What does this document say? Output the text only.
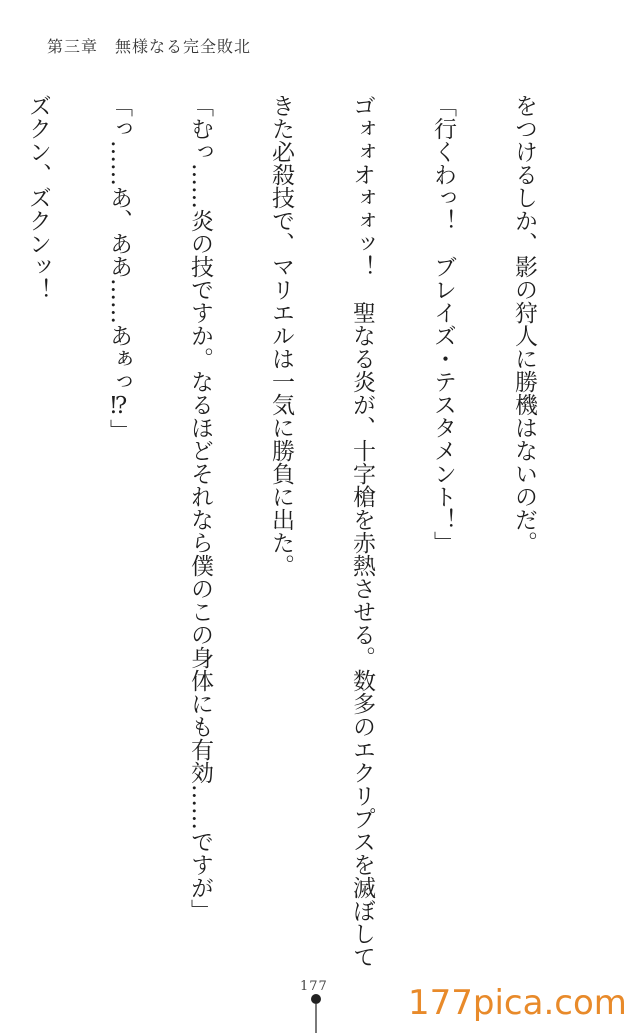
第三章　無様なる完全敗北

をつけるしか、影の狩人に勝機はないのだ。

「行くわっ！　ブレイズ・テスタメント！」

ゴォォオォォッ！　聖なる炎が、十字槍を赤熱させる。数多のエクリプスを滅ぼして

きた必殺技で、マリエルは一気に勝負に出た。

「むっ……炎の技ですか。なるほどそれなら僕のこの身体にも有効……ですが」

「っ……あ、ああ……あぁっ⁉」

ズクン、ズクンッ！

177 177pica.com
